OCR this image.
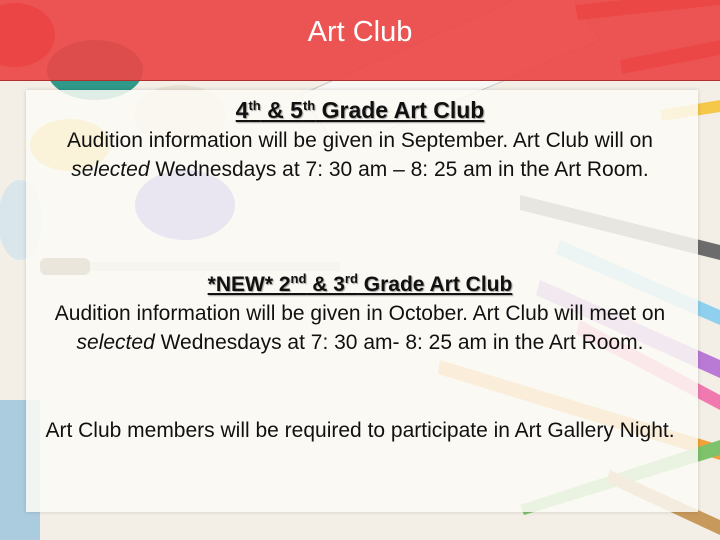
Art Club
4th & 5th Grade Art Club
Audition information will be given in September. Art Club will on selected Wednesdays at 7: 30 am – 8: 25 am in the Art Room.
*NEW* 2nd & 3rd Grade Art Club
Audition information will be given in October. Art Club will meet on selected Wednesdays at 7: 30 am- 8: 25 am in the Art Room.
Art Club members will be required to participate in Art Gallery Night.
